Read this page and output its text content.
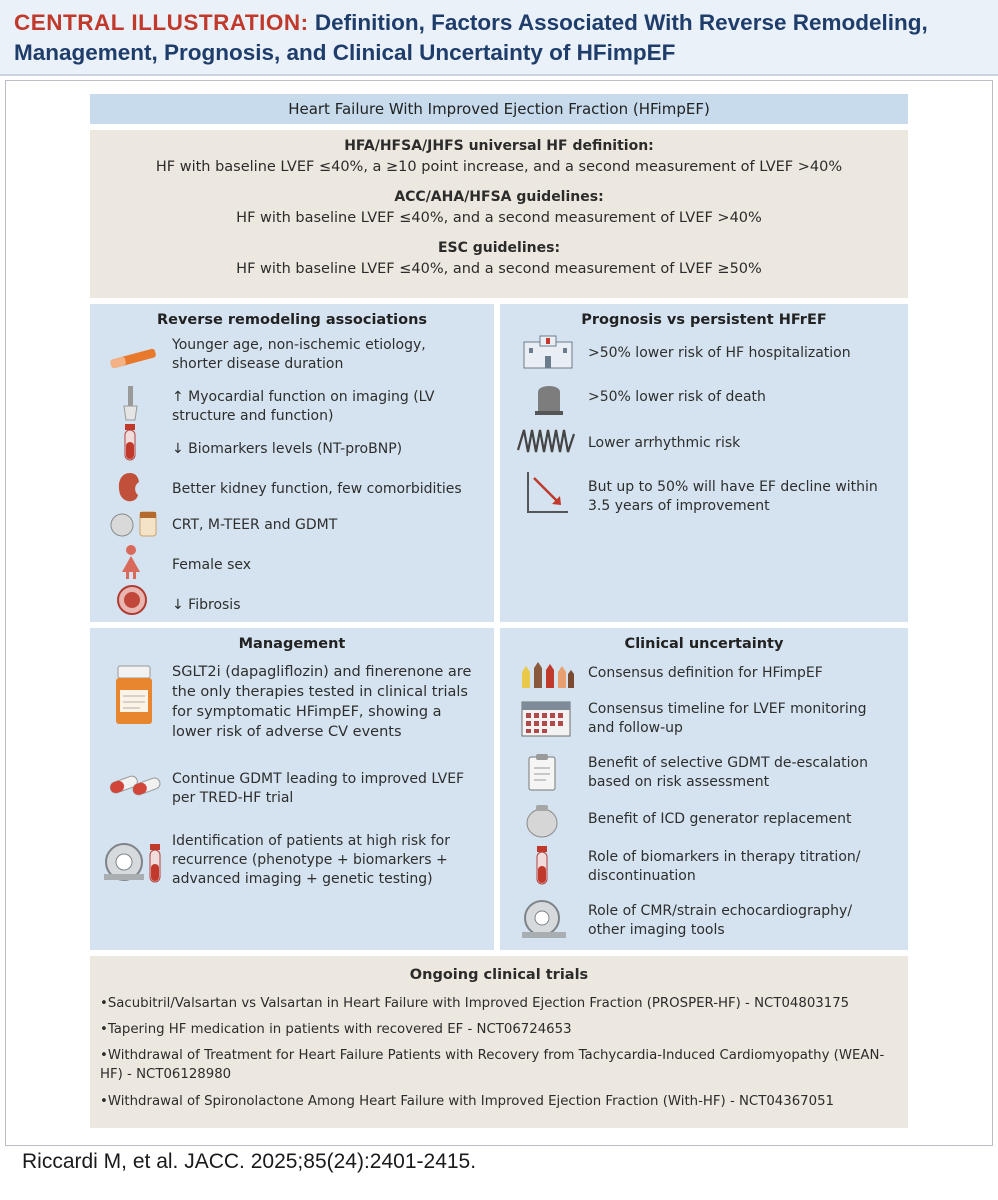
CENTRAL ILLUSTRATION: Definition, Factors Associated With Reverse Remodeling, Management, Prognosis, and Clinical Uncertainty of HFimpEF
Heart Failure With Improved Ejection Fraction (HFimpEF)
HFA/HFSA/JHFS universal HF definition:
HF with baseline LVEF ≤40%, a ≥10 point increase, and a second measurement of LVEF >40%
ACC/AHA/HFSA guidelines:
HF with baseline LVEF ≤40%, and a second measurement of LVEF >40%
ESC guidelines:
HF with baseline LVEF ≤40%, and a second measurement of LVEF ≥50%
Reverse remodeling associations
Younger age, non-ischemic etiology, shorter disease duration
↑ Myocardial function on imaging (LV structure and function)
↓ Biomarkers levels (NT-proBNP)
Better kidney function, few comorbidities
CRT, M-TEER and GDMT
Female sex
↓ Fibrosis
Prognosis vs persistent HFrEF
>50% lower risk of HF hospitalization
>50% lower risk of death
Lower arrhythmic risk
But up to 50% will have EF decline within 3.5 years of improvement
Management
SGLT2i (dapagliflozin) and finerenone are the only therapies tested in clinical trials for symptomatic HFimpEF, showing a lower risk of adverse CV events
Continue GDMT leading to improved LVEF per TRED-HF trial
Identification of patients at high risk for recurrence (phenotype + biomarkers + advanced imaging + genetic testing)
Clinical uncertainty
Consensus definition for HFimpEF
Consensus timeline for LVEF monitoring and follow-up
Benefit of selective GDMT de-escalation based on risk assessment
Benefit of ICD generator replacement
Role of biomarkers in therapy titration/ discontinuation
Role of CMR/strain echocardiography/ other imaging tools
Ongoing clinical trials
•Sacubitril/Valsartan vs Valsartan in Heart Failure with Improved Ejection Fraction (PROSPER-HF) - NCT04803175
•Tapering HF medication in patients with recovered EF - NCT06724653
•Withdrawal of Treatment for Heart Failure Patients with Recovery from Tachycardia-Induced Cardiomyopathy (WEAN-HF) - NCT06128980
•Withdrawal of Spironolactone Among Heart Failure with Improved Ejection Fraction (With-HF) - NCT04367051
Riccardi M, et al. JACC. 2025;85(24):2401-2415.
